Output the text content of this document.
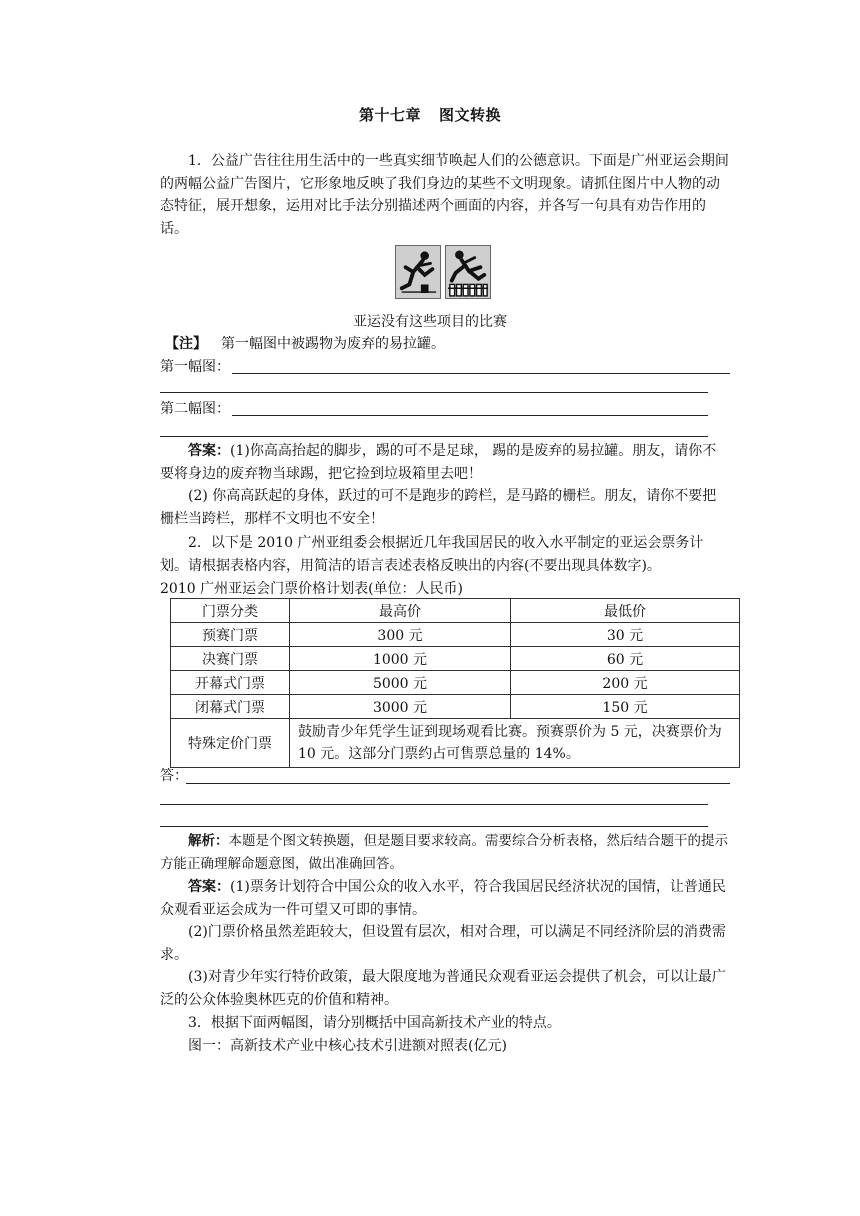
第十七章 图文转换

1．公益广告往往用生活中的一些真实细节唤起人们的公德意识。下面是广州亚运会期间的两幅公益广告图片，它形象地反映了我们身边的某些不文明现象。请抓住图片中人物的动态特征，展开想象，运用对比手法分别描述两个画面的内容，并各写一句具有劝告作用的话。

亚运没有这些项目的比赛
【注】 第一幅图中被踢物为废弃的易拉罐。
第一幅图：
第二幅图：

答案：(1)你高高抬起的脚步，踢的可不是足球， 踢的是废弃的易拉罐。朋友，请你不要将身边的废弃物当球踢，把它捡到垃圾箱里去吧！

(2) 你高高跃起的身体，跃过的可不是跑步的跨栏，是马路的栅栏。朋友，请你不要把栅栏当跨栏，那样不文明也不安全！

2．以下是 2010 广州亚组委会根据近几年我国居民的收入水平制定的亚运会票务计划。请根据表格内容，用简洁的语言表述表格反映出的内容(不要出现具体数字)。

2010 广州亚运会门票价格计划表(单位：人民币)
门票分类	最高价	最低价
预赛门票	300 元	30 元
决赛门票	1000 元	60 元
开幕式门票	5000 元	200 元
闭幕式门票	3000 元	150 元
特殊定价门票	鼓励青少年凭学生证到现场观看比赛。预赛票价为 5 元，决赛票价为 10 元。这部分门票约占可售票总量的 14%。	
答：

解析：本题是个图文转换题，但是题目要求较高。需要综合分析表格，然后结合题干的提示方能正确理解命题意图，做出准确回答。

答案：(1)票务计划符合中国公众的收入水平，符合我国居民经济状况的国情，让普通民众观看亚运会成为一件可望又可即的事情。

(2)门票价格虽然差距较大，但设置有层次，相对合理，可以满足不同经济阶层的消费需求。

(3)对青少年实行特价政策，最大限度地为普通民众观看亚运会提供了机会，可以让最广泛的公众体验奥林匹克的价值和精神。

3．根据下面两幅图，请分别概括中国高新技术产业的特点。

图一：高新技术产业中核心技术引进额对照表(亿元)
